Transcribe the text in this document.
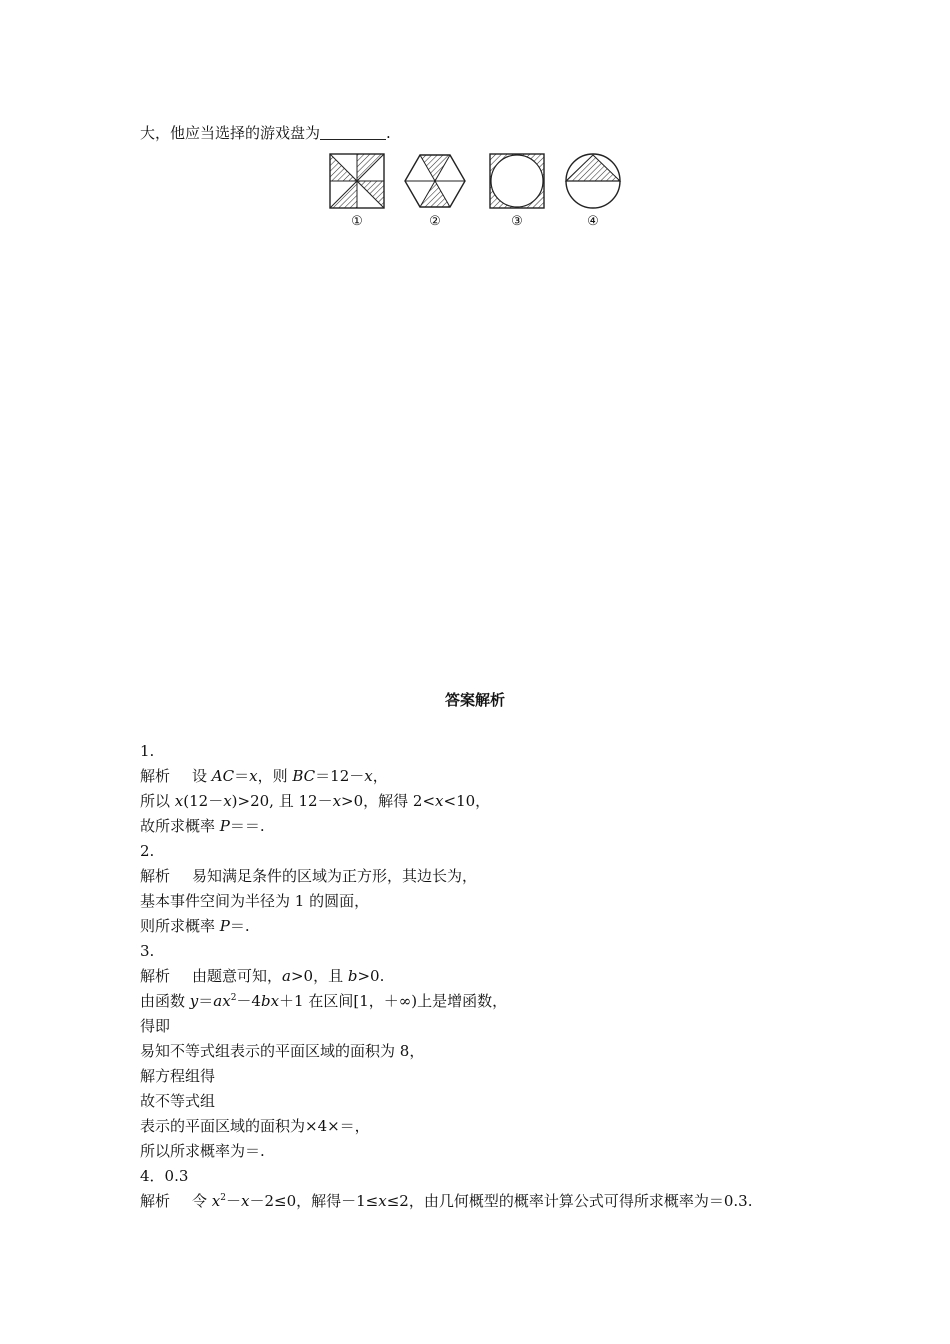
大，他应当选择的游戏盘为	.
①	②	③	④
答案解析
1.
解析 设 AC＝x，则 BC＝12－x，
所以 x(12－x)>20, 且 12－x>0，解得 2<x<10，
故所求概率 P＝＝.
2.
解析 易知满足条件的区域为正方形，其边长为，
基本事件空间为半径为 1 的圆面，
则所求概率 P＝.
3.
解析 由题意可知，a>0，且 b>0.
由函数 $y=ax^2-4bx+1$ 在区间[1，＋∞)上是增函数，
得即
易知不等式组表示的平面区域的面积为 8，
解方程组得
故不等式组
表示的平面区域的面积为×4×＝，
所以所求概率为＝.
4．0.3
解析 令 $x^2-x-2\le 0$，解得－1≤x≤2，由几何概型的概率计算公式可得所求概率为＝0.3.
